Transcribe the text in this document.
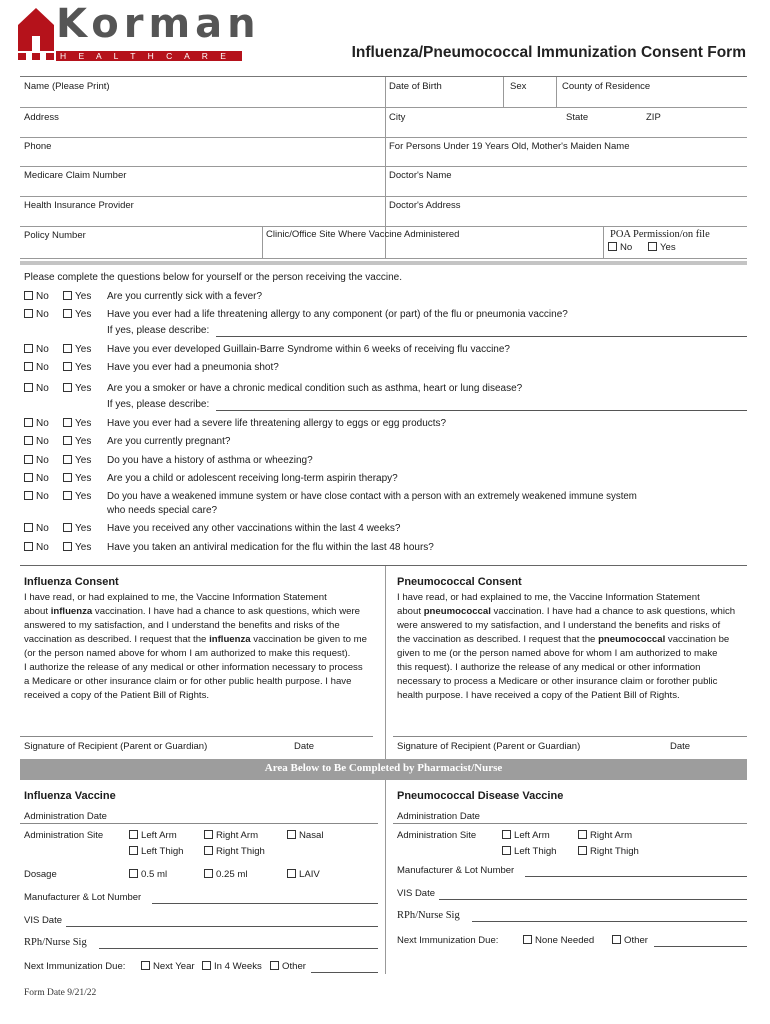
Korman
H E A L T H C A R E	Influenza/Pneumococcal Immunization Consent Form
Name (Please Print)	Date of Birth	Sex	County of Residence
Address	City	State	ZIP
Phone	For Persons Under 19 Years Old, Mother's Maiden Name
Medicare Claim Number	Doctor's Name
Health Insurance Provider	Doctor's Address
Policy Number	Clinic/Office Site Where Vaccine Administered	POA Permission/on file
No	Yes
Please complete the questions below for yourself or the person receiving the vaccine.
No	Yes Are you currently sick with a fever?
No	Yes Have you ever had a life threatening allergy to any component (or part) of the flu or pneumonia vaccine?
If yes, please describe:
No	Yes Have you ever developed Guillain-Barre Syndrome within 6 weeks of receiving flu vaccine?
No	Yes Have you ever had a pneumonia shot?
No	Yes Are you a smoker or have a chronic medical condition such as asthma, heart or lung disease?
If yes, please describe:
No	Yes Have you ever had a severe life threatening allergy to eggs or egg products?
No	Yes Are you currently pregnant?
No	Yes Do you have a history of asthma or wheezing?
No	Yes Are you a child or adolescent receiving long-term aspirin therapy?
No	Yes Do you have a weakened immune system or have close contact with a person with an extremely weakened immune system
who needs special care?
No	Yes Have you received any other vaccinations within the last 4 weeks?
No	Yes Have you taken an antiviral medication for the flu within the last 48 hours?
Influenza Consent
I have read, or had explained to me, the Vaccine Information Statement
about influenza vaccination. I have had a chance to ask questions, which were
answered to my satisfaction, and I understand the benefits and risks of the
vaccination as described. I request that the influenza vaccination be given to me
(or the person named above for whom I am authorized to make this request).
I authorize the release of any medical or other information necessary to process
a Medicare or other insurance claim or for other public health purpose. I have
received a copy of the Patient Bill of Rights.
Pneumococcal Consent
I have read, or had explained to me, the Vaccine Information Statement
about pneumococcal vaccination. I have had a chance to ask questions, which
were answered to my satisfaction, and I understand the benefits and risks of
the vaccination as described. I request that the pneumococcal vaccination be
given to me (or the person named above for whom I am authorized to make
this request). I authorize the release of any medical or other information
necessary to process a Medicare or other insurance claim or forother public
health purpose. I have received a copy of the Patient Bill of Rights.
Signature of Recipient (Parent or Guardian)	Date	Signature of Recipient (Parent or Guardian)	Date
Area Below to Be Completed by Pharmacist/Nurse
Influenza Vaccine
Administration Date
Administration Site	Left Arm	Right Arm	Nasal
Left Thigh	Right Thigh
Dosage	0.5 ml	0.25 ml	LAIV
Manufacturer & Lot Number
VIS Date
RPh/Nurse Sig
Next Immunization Due:	Next Year	In 4 Weeks	Other
Pneumococcal Disease Vaccine
Administration Date
Administration Site	Left Arm	Right Arm
Left Thigh	Right Thigh
Manufacturer & Lot Number
VIS Date
RPh/Nurse Sig
Next Immunization Due:	None Needed	Other
Form Date 9/21/22
